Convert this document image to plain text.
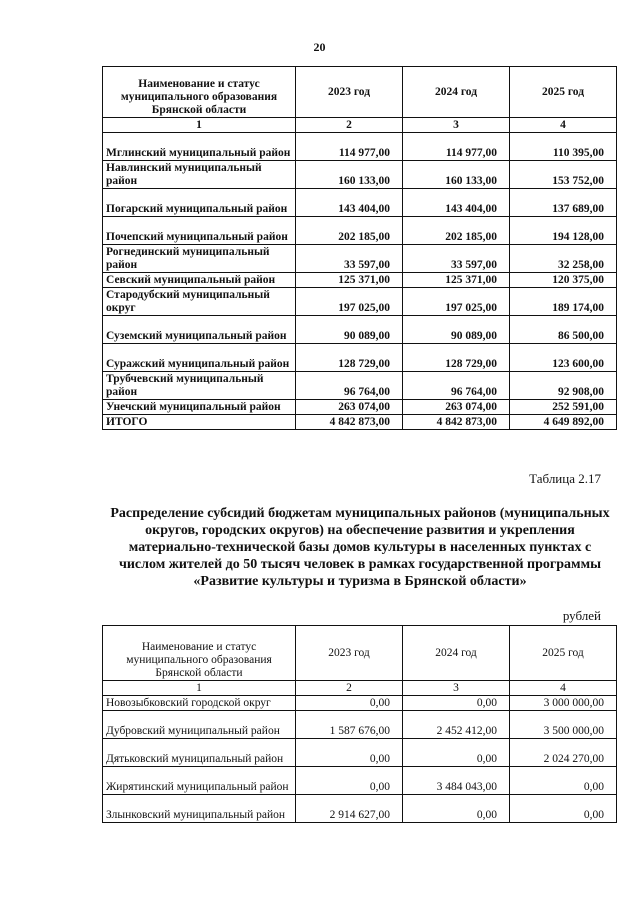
20
Наименование и статус муниципального образования Брянской области	2023 год	2024 год	2025 год
1	2	3	4
Мглинский муниципальный район	114 977,00	114 977,00	110 395,00
Навлинский муниципальный район	160 133,00	160 133,00	153 752,00
Погарский муниципальный район	143 404,00	143 404,00	137 689,00
Почепский муниципальный район	202 185,00	202 185,00	194 128,00
Рогнединский муниципальный район	33 597,00	33 597,00	32 258,00
Севский муниципальный район	125 371,00	125 371,00	120 375,00
Стародубский муниципальный округ	197 025,00	197 025,00	189 174,00
Суземский муниципальный район	90 089,00	90 089,00	86 500,00
Суражский муниципальный район	128 729,00	128 729,00	123 600,00
Трубчевский муниципальный район	96 764,00	96 764,00	92 908,00
Унечский муниципальный район	263 074,00	263 074,00	252 591,00
ИТОГО	4 842 873,00	4 842 873,00	4 649 892,00
Таблица 2.17
Распределение субсидий бюджетам муниципальных районов (муниципальных округов, городских округов) на обеспечение развития и укрепления материально-технической базы домов культуры в населенных пунктах с числом жителей до 50 тысяч человек в рамках государственной программы «Развитие культуры и туризма в Брянской области»
рублей
Наименование и статус муниципального образования Брянской области	2023 год	2024 год	2025 год
1	2	3	4
Новозыбковский городской округ	0,00	0,00	3 000 000,00
Дубровский муниципальный район	1 587 676,00	2 452 412,00	3 500 000,00
Дятьковский муниципальный район	0,00	0,00	2 024 270,00
Жирятинский муниципальный район	0,00	3 484 043,00	0,00
Злынковский муниципальный район	2 914 627,00	0,00	0,00
